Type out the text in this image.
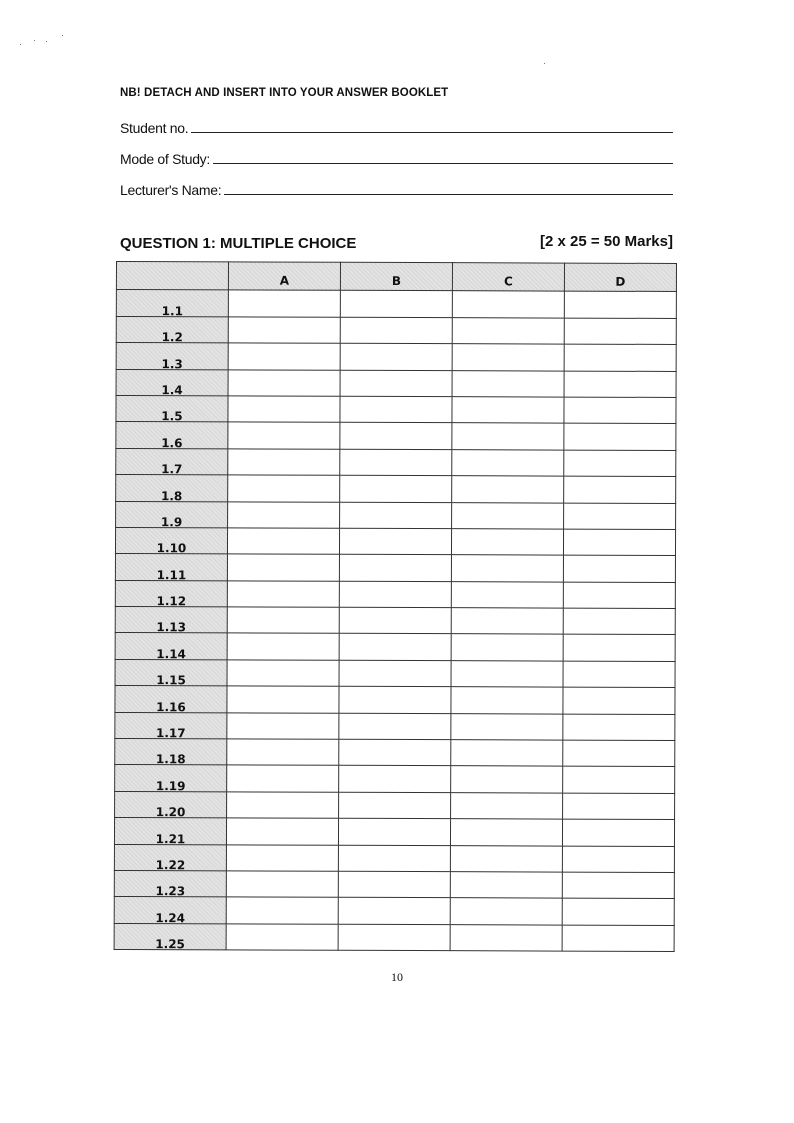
NB! DETACH AND INSERT INTO YOUR ANSWER BOOKLET
Student no.
Mode of Study:
Lecturer's Name:
QUESTION 1: MULTIPLE CHOICE	[2 x 25 = 50 Marks]
	A	B	C	D
1.1				
1.2				
1.3				
1.4				
1.5				
1.6				
1.7				
1.8				
1.9				
1.10				
1.11				
1.12				
1.13				
1.14				
1.15				
1.16				
1.17				
1.18				
1.19				
1.20				
1.21				
1.22				
1.23				
1.24				
1.25				
10
